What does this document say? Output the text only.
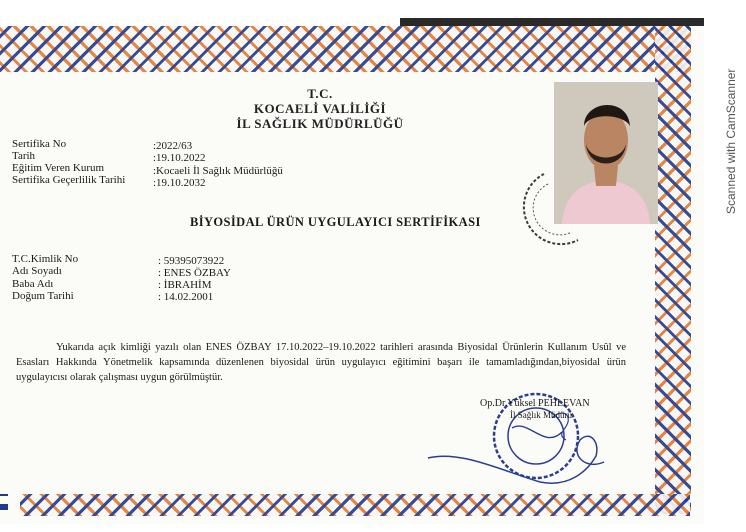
T.C.
KOCAELİ VALİLİĞİ
İL SAĞLIK MÜDÜRLÜĞÜ
Sertifika No	:2022/63
Tarih	:19.10.2022
Eğitim Veren Kurum	:Kocaeli İl Sağlık Müdürlüğü
Sertifika Geçerlilik Tarihi	:19.10.2032
BİYOSİDAL ÜRÜN UYGULAYICI SERTİFİKASI
T.C.Kimlik No	: 59395073922
Adı Soyadı	: ENES ÖZBAY
Baba Adı	: İBRAHİM
Doğum Tarihi	: 14.02.2001
Yukarıda açık kimliği yazılı olan ENES ÖZBAY 17.10.2022–19.10.2022 tarihleri arasında Biyosidal Ürünlerin Kullanım Usûl ve Esasları Hakkında Yönetmelik kapsamında düzenlenen biyosidal ürün uygulayıcı eğitimini başarı ile tamamladığından,biyosidal ürün uygulayıcısı olarak çalışması uygun görülmüştür.
Op.Dr.Yüksel PEHLEVAN
İl Sağlık Müdürü
Scanned with CamScanner
